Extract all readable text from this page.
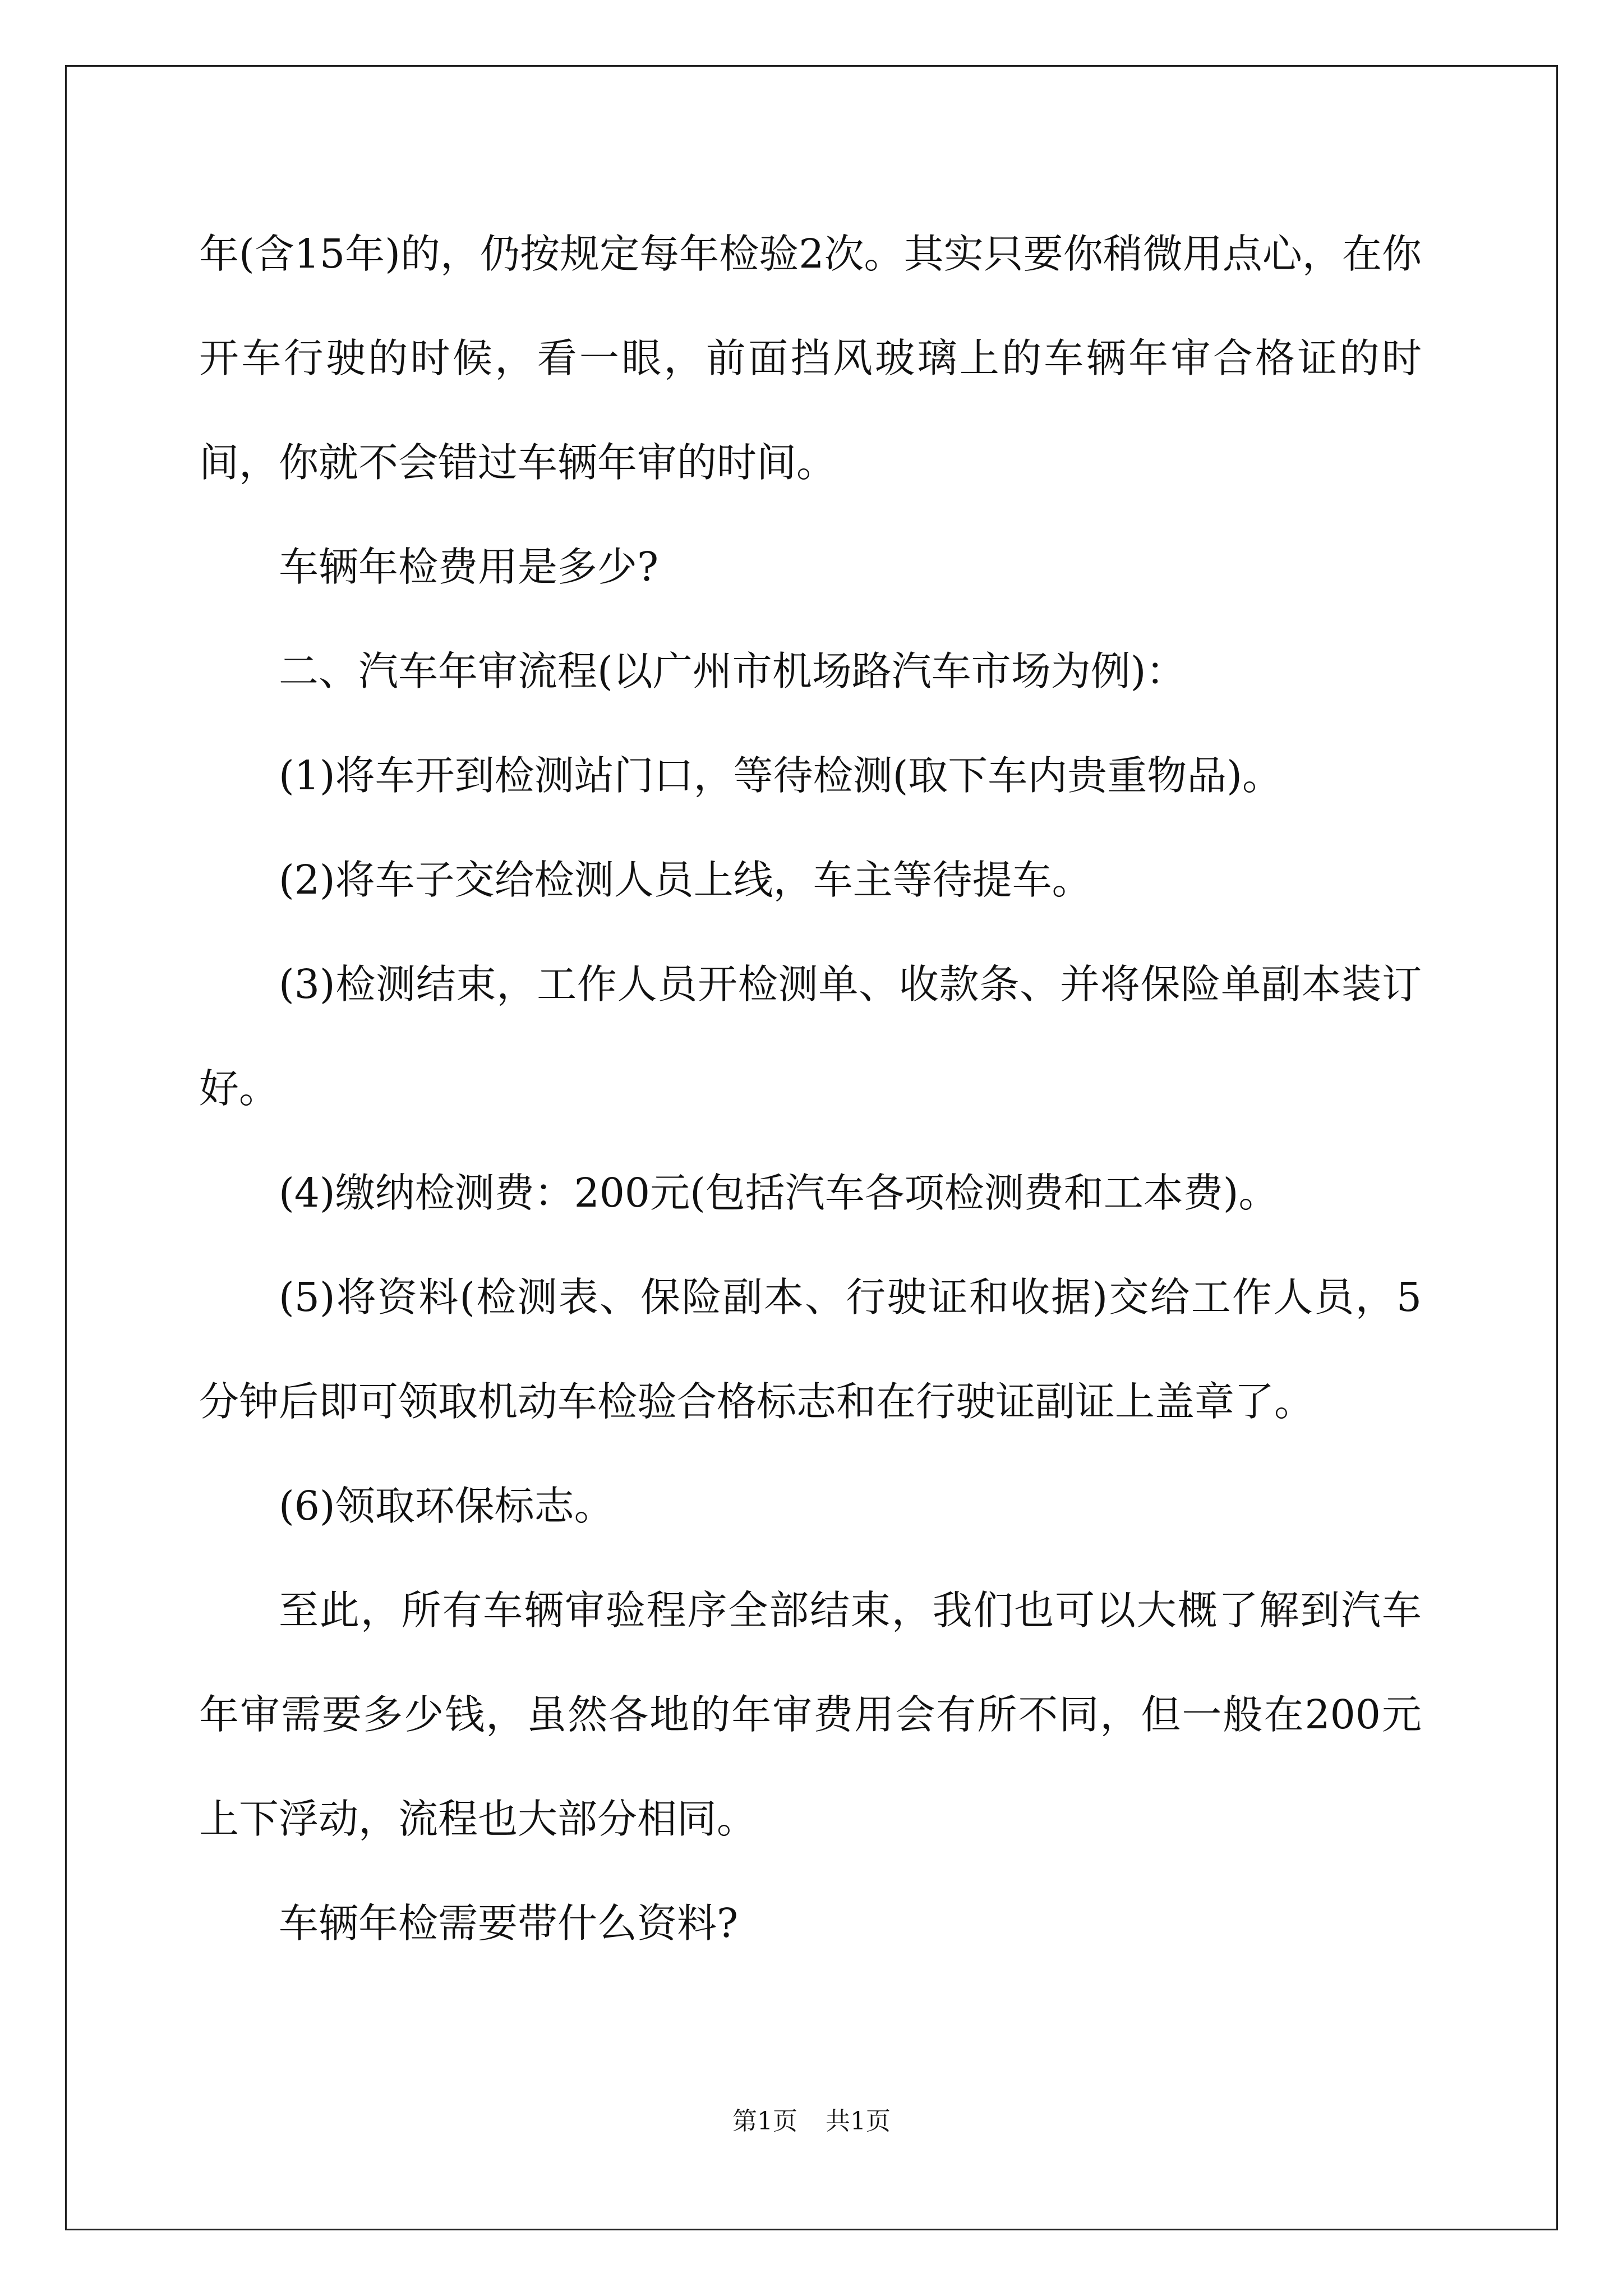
年(含15年)的，仍按规定每年检验2次。其实只要你稍微用点心，在你开车行驶的时候，看一眼，前面挡风玻璃上的车辆年审合格证的时间，你就不会错过车辆年审的时间。

车辆年检费用是多少?

二、汽车年审流程(以广州市机场路汽车市场为例)：

(1)将车开到检测站门口，等待检测(取下车内贵重物品)。

(2)将车子交给检测人员上线，车主等待提车。

(3)检测结束，工作人员开检测单、收款条、并将保险单副本装订好。

(4)缴纳检测费：200元(包括汽车各项检测费和工本费)。

(5)将资料(检测表、保险副本、行驶证和收据)交给工作人员，5分钟后即可领取机动车检验合格标志和在行驶证副证上盖章了。

(6)领取环保标志。

至此，所有车辆审验程序全部结束，我们也可以大概了解到汽车年审需要多少钱，虽然各地的年审费用会有所不同，但一般在200元上下浮动，流程也大部分相同。

车辆年检需要带什么资料?

第1页 共1页
